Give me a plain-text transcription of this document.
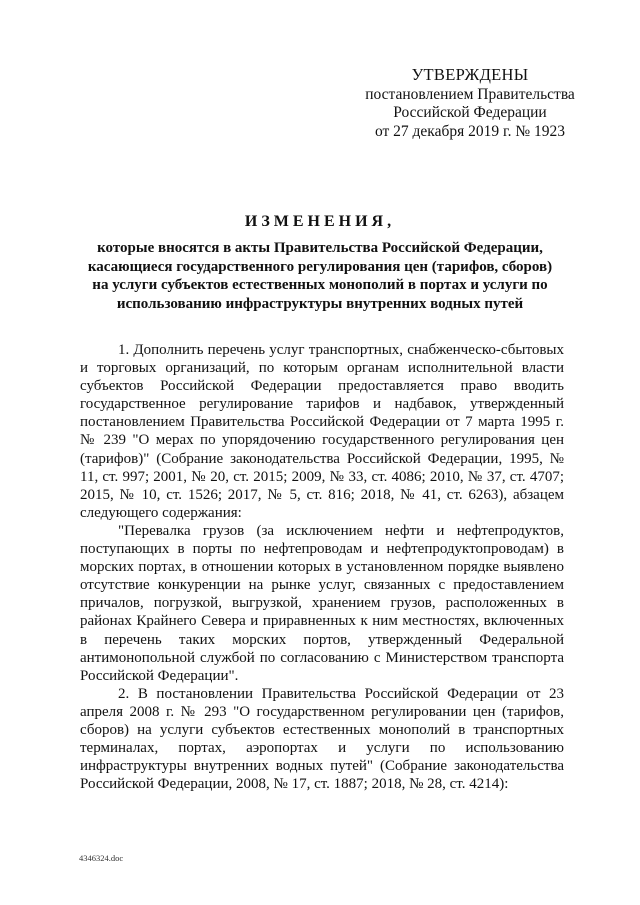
УТВЕРЖДЕНЫ
постановлением Правительства
Российской Федерации
от 27 декабря 2019 г. № 1923
ИЗМЕНЕНИЯ,
которые вносятся в акты Правительства Российской Федерации, касающиеся государственного регулирования цен (тарифов, сборов) на услуги субъектов естественных монополий в портах и услуги по использованию инфраструктуры внутренних водных путей

1. Дополнить перечень услуг транспортных, снабженческо-сбытовых и торговых организаций, по которым органам исполнительной власти субъектов Российской Федерации предоставляется право вводить государственное регулирование тарифов и надбавок, утвержденный постановлением Правительства Российской Федерации от 7 марта 1995 г. № 239 "О мерах по упорядочению государственного регулирования цен (тарифов)" (Собрание законодательства Российской Федерации, 1995, № 11, ст. 997; 2001, № 20, ст. 2015; 2009, № 33, ст. 4086; 2010, № 37, ст. 4707; 2015, № 10, ст. 1526; 2017, № 5, ст. 816; 2018, № 41, ст. 6263), абзацем следующего содержания:

"Перевалка грузов (за исключением нефти и нефтепродуктов, поступающих в порты по нефтепроводам и нефтепродуктопроводам) в морских портах, в отношении которых в установленном порядке выявлено отсутствие конкуренции на рынке услуг, связанных с предоставлением причалов, погрузкой, выгрузкой, хранением грузов, расположенных в районах Крайнего Севера и приравненных к ним местностях, включенных в перечень таких морских портов, утвержденный Федеральной антимонопольной службой по согласованию с Министерством транспорта Российской Федерации".

2. В постановлении Правительства Российской Федерации от 23 апреля 2008 г. № 293 "О государственном регулировании цен (тарифов, сборов) на услуги субъектов естественных монополий в транспортных терминалах, портах, аэропортах и услуги по использованию инфраструктуры внутренних водных путей" (Собрание законодательства Российской Федерации, 2008, № 17, ст. 1887; 2018, № 28, ст. 4214):

4346324.doc
